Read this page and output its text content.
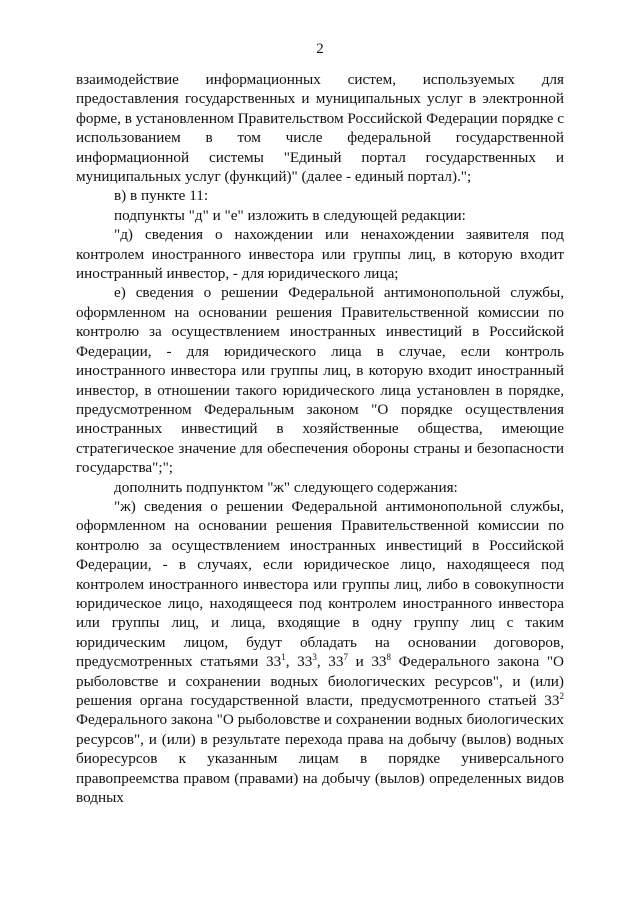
2

взаимодействие информационных систем, используемых для предоставления государственных и муниципальных услуг в электронной форме, в установленном Правительством Российской Федерации порядке с использованием в том числе федеральной государственной информационной системы "Единый портал государственных и муниципальных услуг (функций)" (далее - единый портал).";

в) в пункте 11:

подпункты "д" и "е" изложить в следующей редакции:

"д) сведения о нахождении или ненахождении заявителя под контролем иностранного инвестора или группы лиц, в которую входит иностранный инвестор, - для юридического лица;

е) сведения о решении Федеральной антимонопольной службы, оформленном на основании решения Правительственной комиссии по контролю за осуществлением иностранных инвестиций в Российской Федерации, - для юридического лица в случае, если контроль иностранного инвестора или группы лиц, в которую входит иностранный инвестор, в отношении такого юридического лица установлен в порядке, предусмотренном Федеральным законом "О порядке осуществления иностранных инвестиций в хозяйственные общества, имеющие стратегическое значение для обеспечения обороны страны и безопасности государства";";

дополнить подпунктом "ж" следующего содержания:

"ж) сведения о решении Федеральной антимонопольной службы, оформленном на основании решения Правительственной комиссии по контролю за осуществлением иностранных инвестиций в Российской Федерации, - в случаях, если юридическое лицо, находящееся под контролем иностранного инвестора или группы лиц, либо в совокупности юридическое лицо, находящееся под контролем иностранного инвестора или группы лиц, и лица, входящие в одну группу лиц с таким юридическим лицом, будут обладать на основании договоров, предусмотренных статьями $33^1$, $33^3$, $33^7$ и $33^8$ Федерального закона "О рыболовстве и сохранении водных биологических ресурсов", и (или) решения органа государственной власти, предусмотренного статьей $33^2$ Федерального закона "О рыболовстве и сохранении водных биологических ресурсов", и (или) в результате перехода права на добычу (вылов) водных биоресурсов к указанным лицам в порядке универсального правопреемства правом (правами) на добычу (вылов) определенных видов водных
